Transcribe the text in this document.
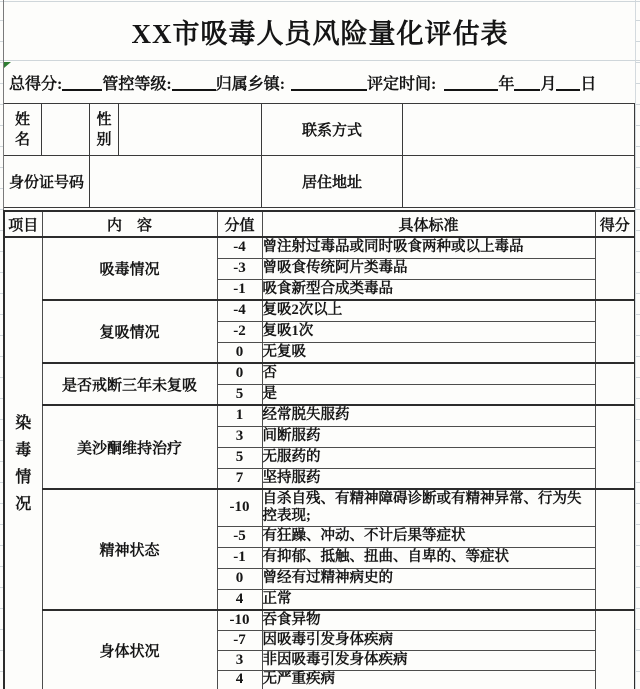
XX市吸毒人员风险量化评估表
总得分:	管控等级:	归属乡镇:	评定时间:	年 月 日
姓名		性别		联系方式	
身份证号码				居住地址	
项目	内　容	分值	具体标准	得分

染毒情况	吸毒情况	-4	曾注射过毒品或同时吸食两种或以上毒品	
		-3	曾吸食传统阿片类毒品	
		-1	吸食新型合成类毒品	
	复吸情况	-4	复吸2次以上	
		-2	复吸1次	
		0	无复吸	
	是否戒断三年未复吸	0	否	
		5	是	
	美沙酮维持治疗	1	经常脱失服药	
		3	间断服药	
		5	无服药的	
		7	坚持服药	
	精神状态	-10	自杀自残、有精神障碍诊断或有精神异常、行为失控表现;	
		-5	有狂躁、冲动、不计后果等症状	
		-1	有抑郁、抵触、扭曲、自卑的、等症状	
		0	曾经有过精神病史的	
		4	正常	
	身体状况	-10	吞食异物	
		-7	因吸毒引发身体疾病	
		3	非因吸毒引发身体疾病	
		4	无严重疾病	
